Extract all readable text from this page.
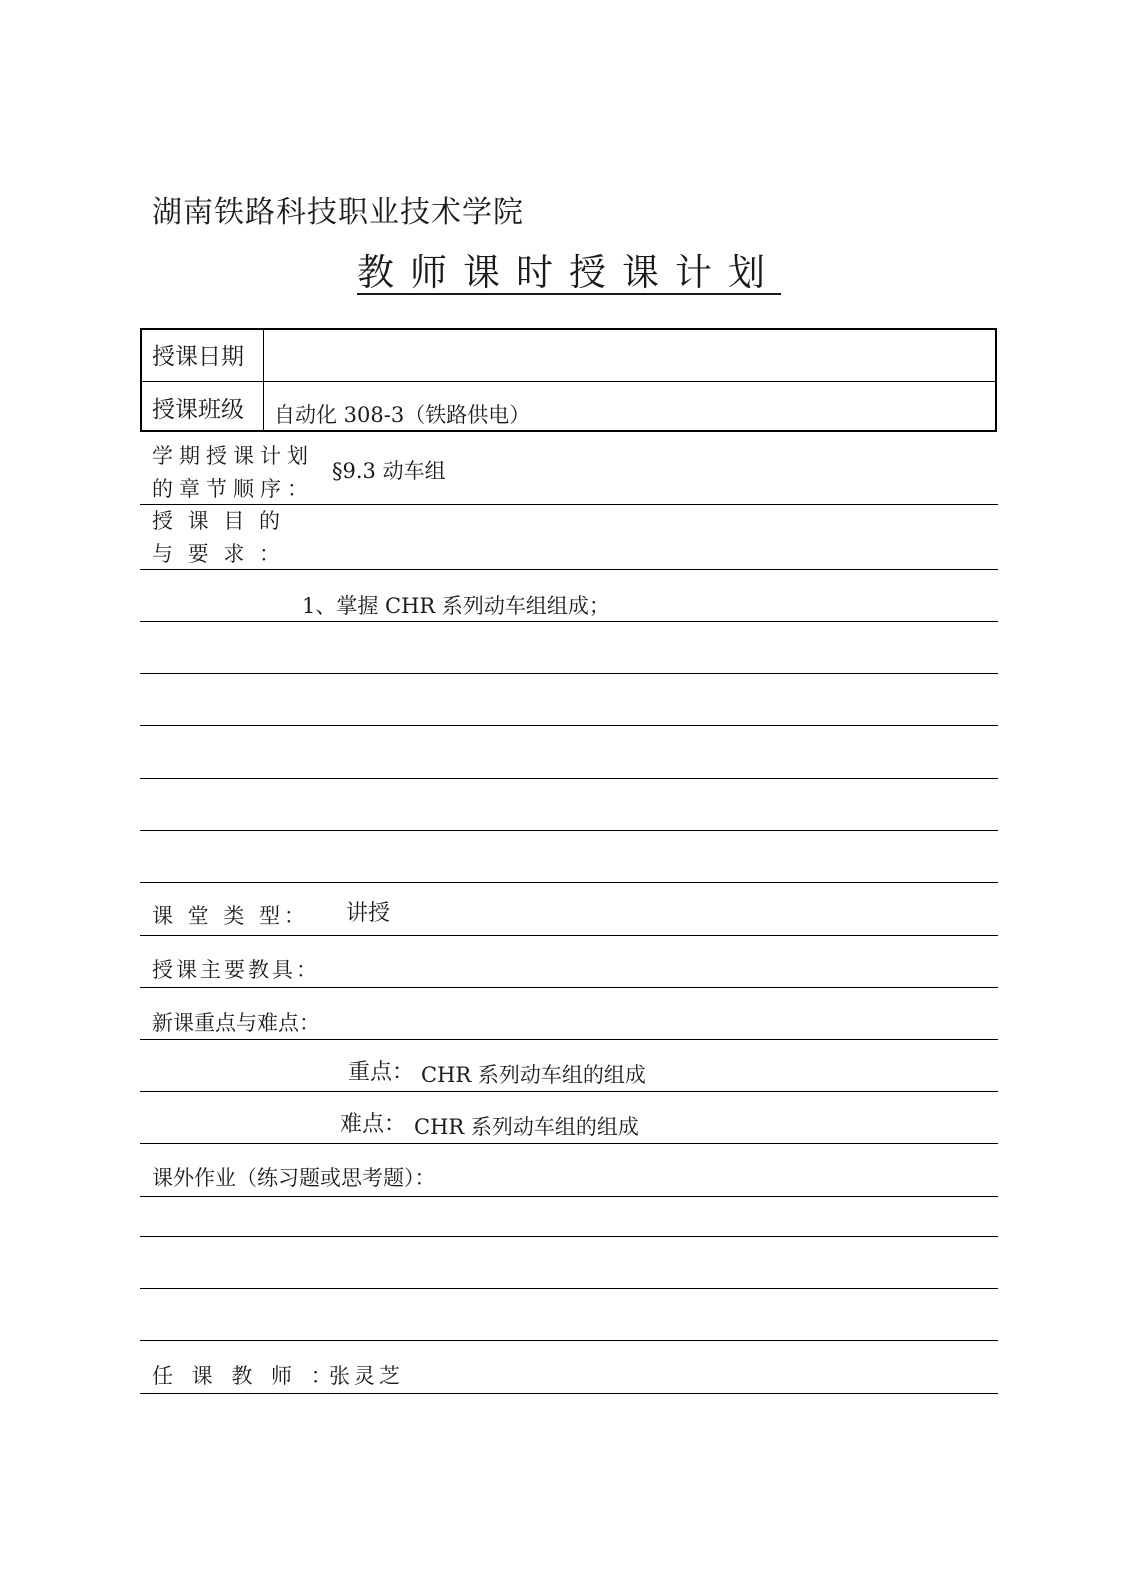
湖南铁路科技职业技术学院
教师课时授课计划
授课日期
授课班级 自动化 308-3（铁路供电）
学期授课计划
的章节顺序：
§9.3 动车组
授 课 目 的
与 要 求 ：
1、掌握 CHR 系列动车组组成；
课 堂 类 型： 讲授
授课主要教具：
新课重点与难点：
重点： CHR 系列动车组的组成
难点： CHR 系列动车组的组成
课外作业（练习题或思考题）：
任 课 教 师 ：
张灵芝
